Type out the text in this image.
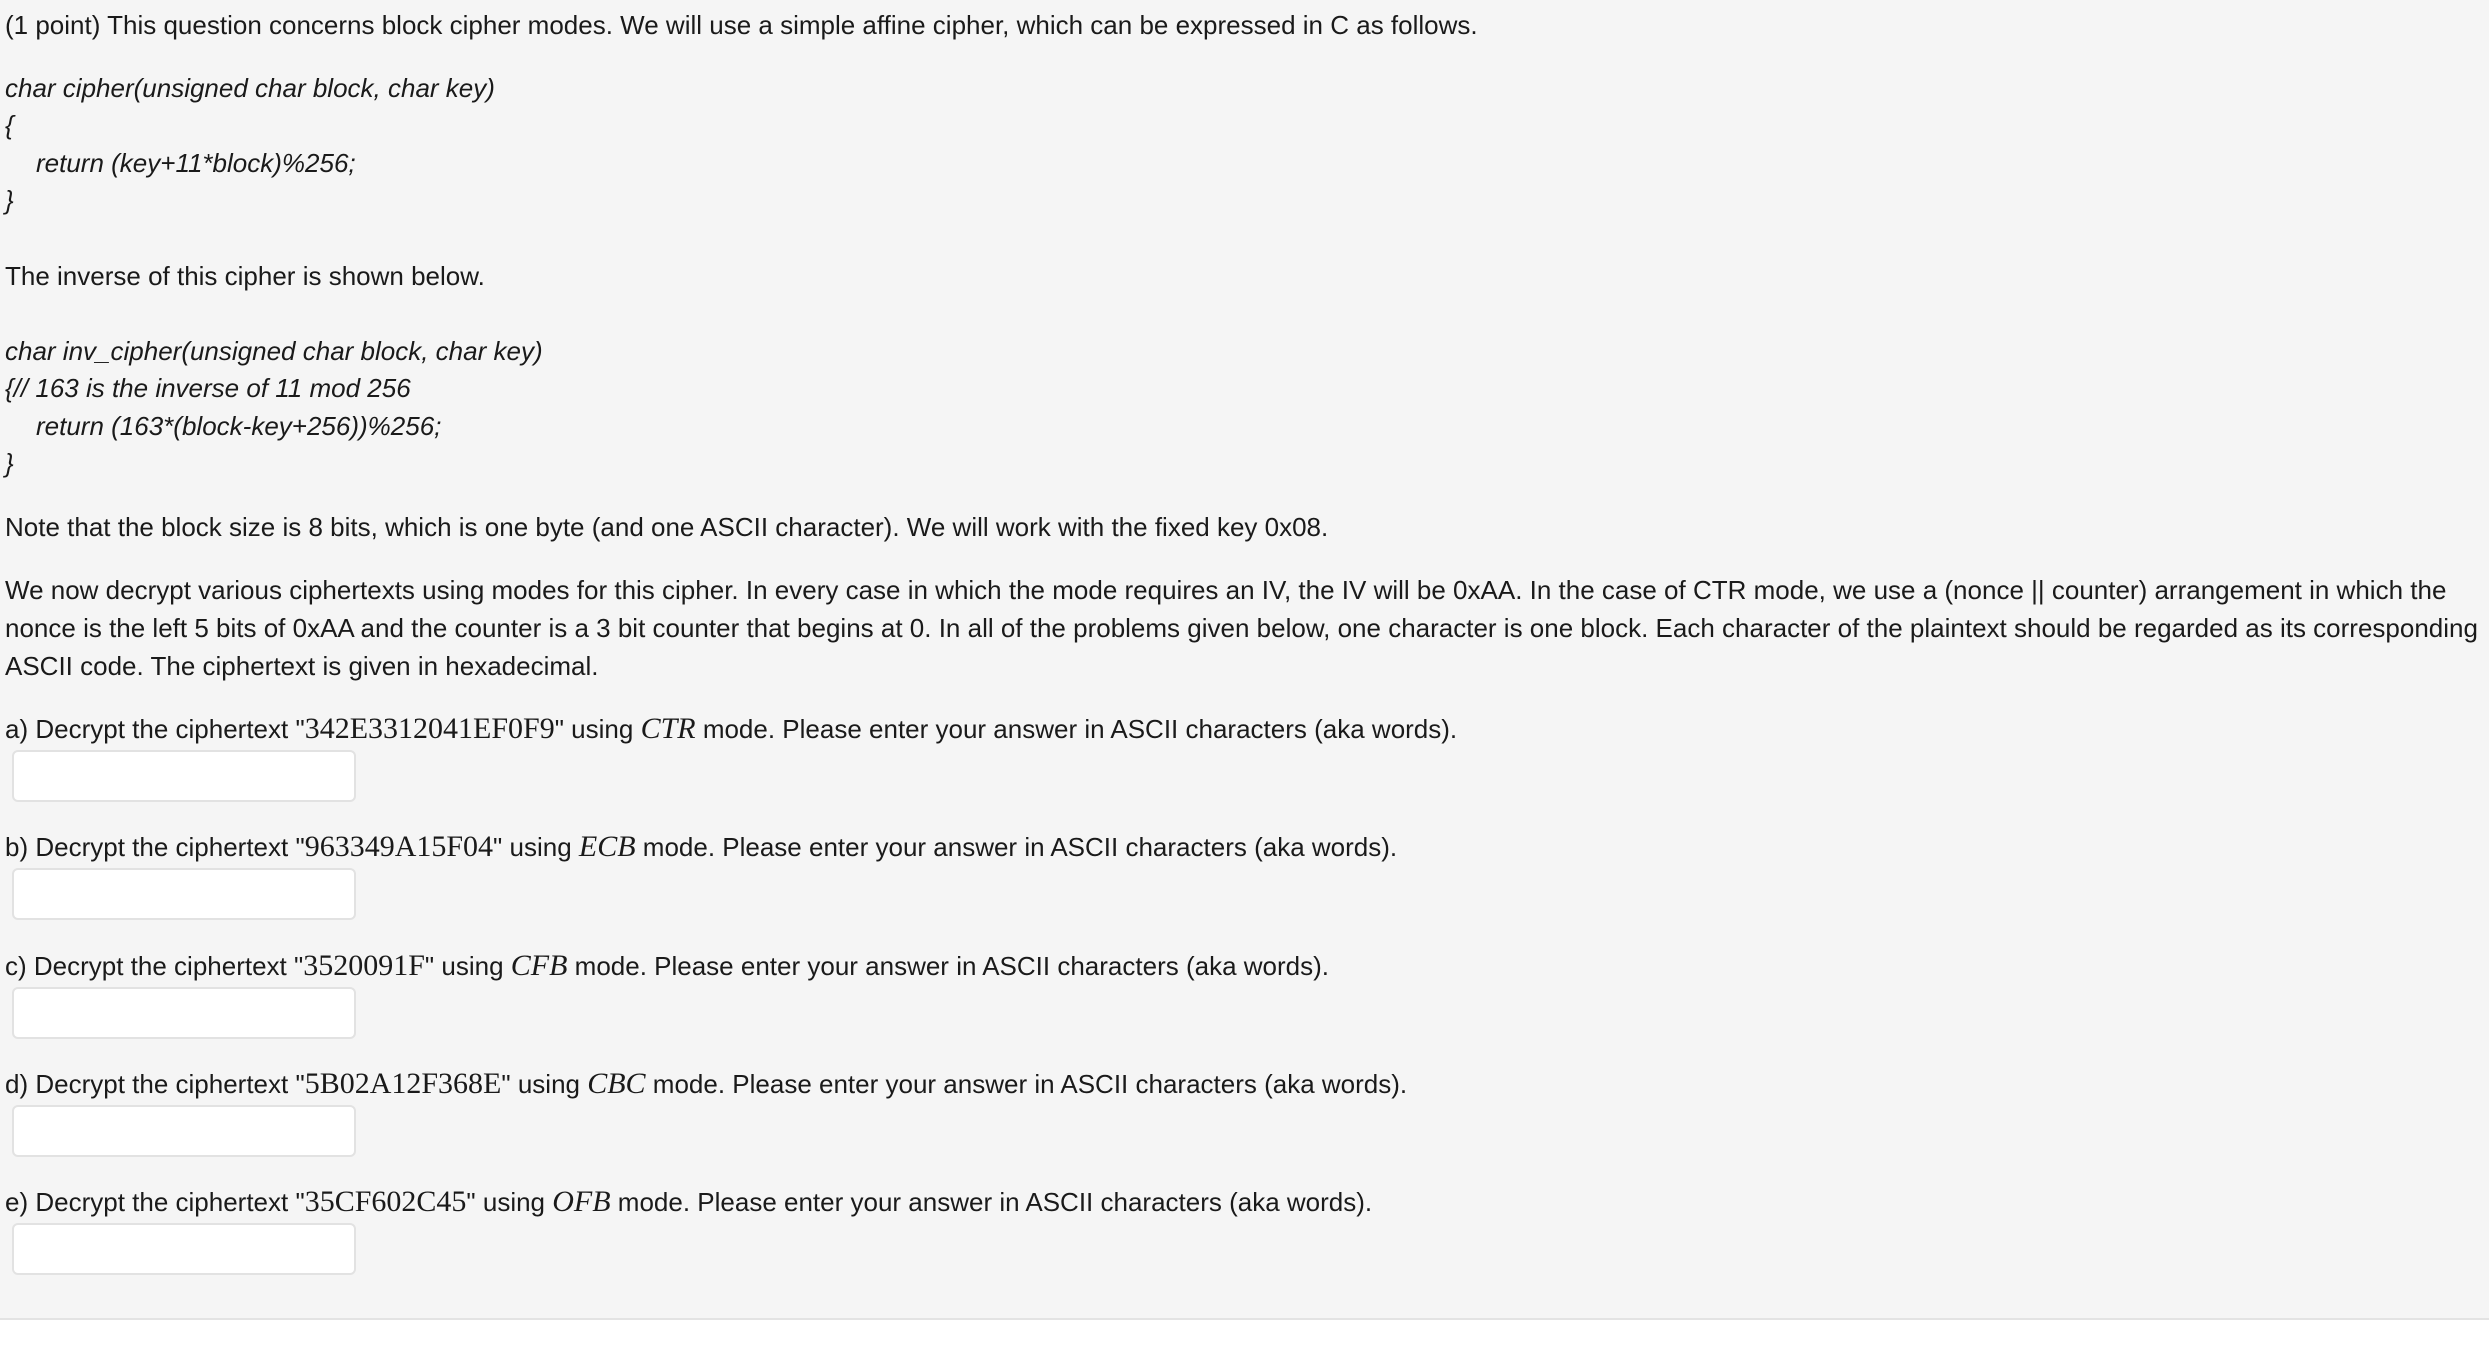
(1 point) This question concerns block cipher modes. We will use a simple affine cipher, which can be expressed in C as follows.
char cipher(unsigned char block, char key)
{
return (key+11*block)%256;
}
The inverse of this cipher is shown below.
char inv_cipher(unsigned char block, char key)
{// 163 is the inverse of 11 mod 256
return (163*(block-key+256))%256;
}
Note that the block size is 8 bits, which is one byte (and one ASCII character). We will work with the fixed key 0x08.
We now decrypt various ciphertexts using modes for this cipher. In every case in which the mode requires an IV, the IV will be 0xAA. In the case of CTR mode, we use a (nonce || counter) arrangement in which the nonce is the left 5 bits of 0xAA and the counter is a 3 bit counter that begins at 0. In all of the problems given below, one character is one block. Each character of the plaintext should be regarded as its corresponding ASCII code. The ciphertext is given in hexadecimal.
a) Decrypt the ciphertext "342E3312041EF0F9" using CTR mode. Please enter your answer in ASCII characters (aka words).
b) Decrypt the ciphertext "963349A15F04" using ECB mode. Please enter your answer in ASCII characters (aka words).
c) Decrypt the ciphertext "3520091F" using CFB mode. Please enter your answer in ASCII characters (aka words).
d) Decrypt the ciphertext "5B02A12F368E" using CBC mode. Please enter your answer in ASCII characters (aka words).
e) Decrypt the ciphertext "35CF602C45" using OFB mode. Please enter your answer in ASCII characters (aka words).
